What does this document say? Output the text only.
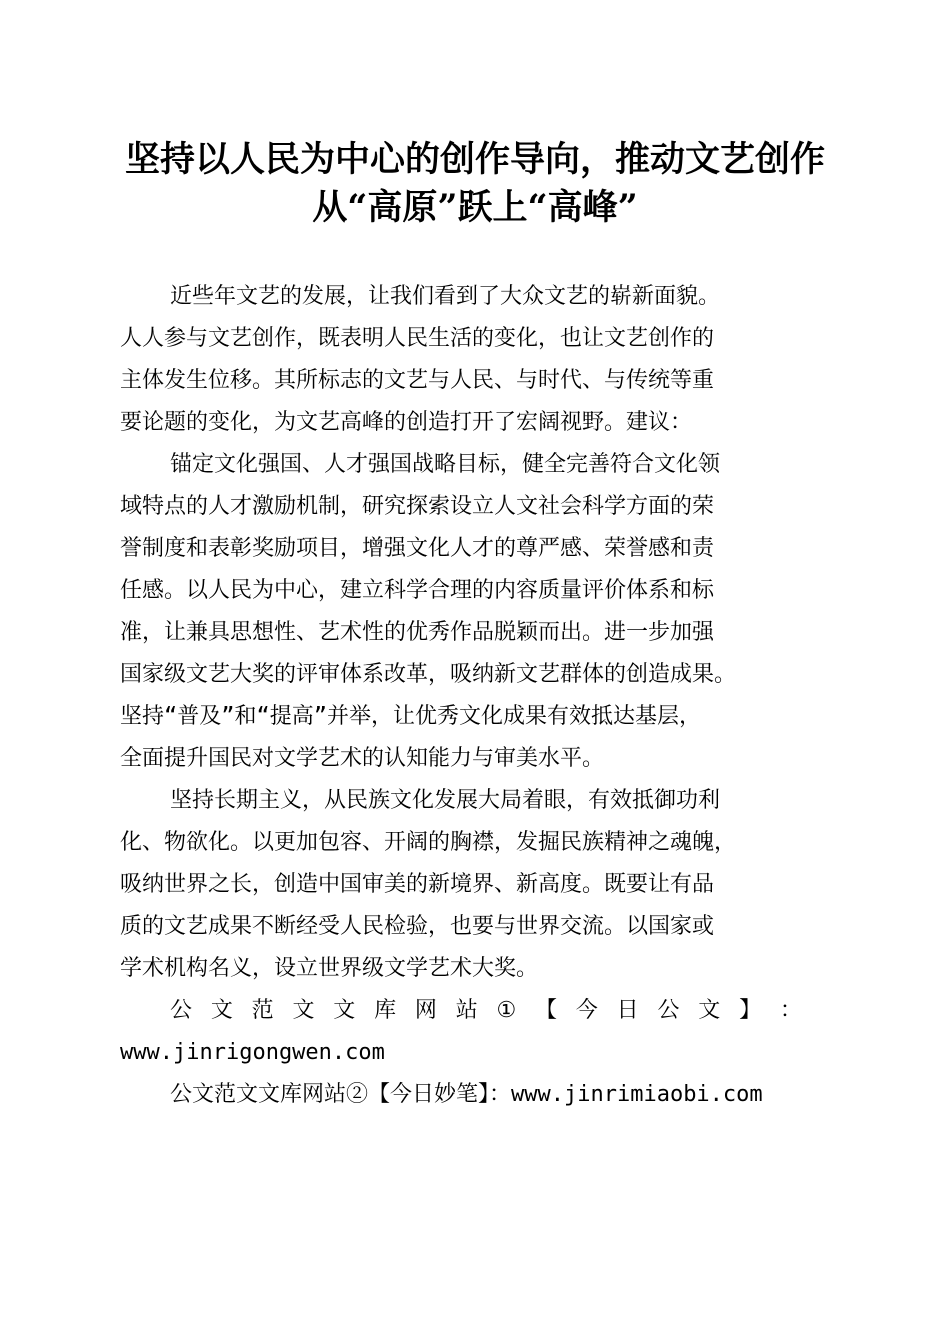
坚持以人民为中心的创作导向，推动文艺创作
从“高原”跃上“高峰”
近些年文艺的发展，让我们看到了大众文艺的崭新面貌。
人人参与文艺创作，既表明人民生活的变化，也让文艺创作的
主体发生位移。其所标志的文艺与人民、与时代、与传统等重
要论题的变化，为文艺高峰的创造打开了宏阔视野。建议：
锚定文化强国、人才强国战略目标，健全完善符合文化领
域特点的人才激励机制，研究探索设立人文社会科学方面的荣
誉制度和表彰奖励项目，增强文化人才的尊严感、荣誉感和责
任感。以人民为中心，建立科学合理的内容质量评价体系和标
准，让兼具思想性、艺术性的优秀作品脱颖而出。进一步加强
国家级文艺大奖的评审体系改革，吸纳新文艺群体的创造成果。
坚持“普及”和“提高”并举，让优秀文化成果有效抵达基层，
全面提升国民对文学艺术的认知能力与审美水平。
坚持长期主义，从民族文化发展大局着眼，有效抵御功利
化、物欲化。以更加包容、开阔的胸襟，发掘民族精神之魂魄，
吸纳世界之长，创造中国审美的新境界、新高度。既要让有品
质的文艺成果不断经受人民检验，也要与世界交流。以国家或
学术机构名义，设立世界级文学艺术大奖。
公 文 范 文 文 库 网 站 ① 【 今 日 公 文 】 ：
www.jinrigongwen.com
公文范文文库网站②【今日妙笔】：www.jinrimiaobi.com
